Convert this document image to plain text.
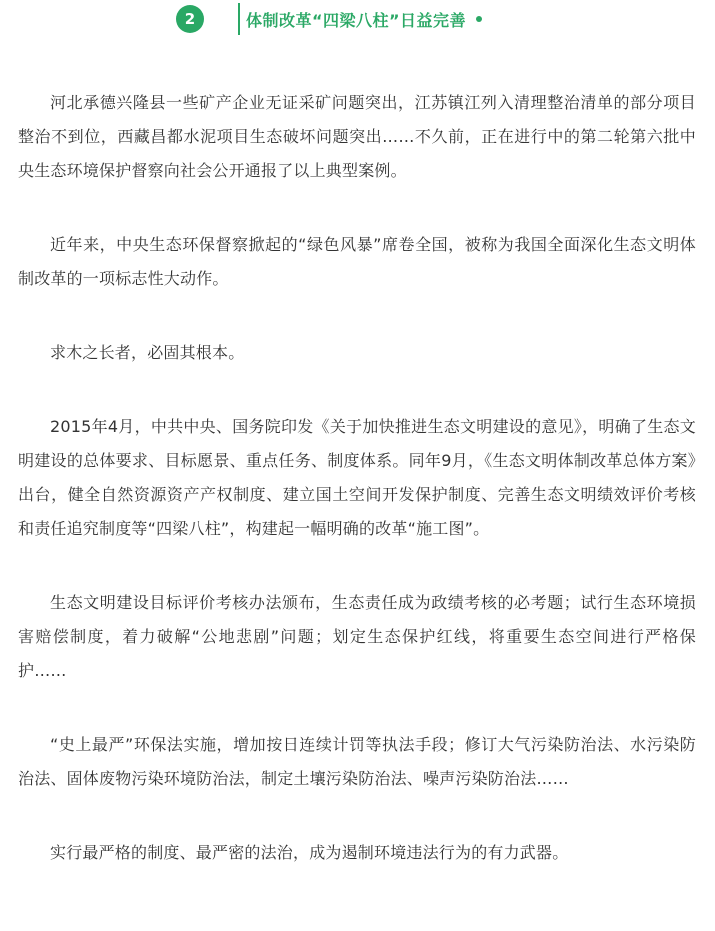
2	体制改革“四梁八柱”日益完善

河北承德兴隆县一些矿产企业无证采矿问题突出，江苏镇江列入清理整治清单的部分项目整治不到位，西藏昌都水泥项目生态破坏问题突出……不久前，正在进行中的第二轮第六批中央生态环境保护督察向社会公开通报了以上典型案例。

近年来，中央生态环保督察掀起的“绿色风暴”席卷全国，被称为我国全面深化生态文明体制改革的一项标志性大动作。

求木之长者，必固其根本。

2015年4月，中共中央、国务院印发《关于加快推进生态文明建设的意见》，明确了生态文明建设的总体要求、目标愿景、重点任务、制度体系。同年9月，《生态文明体制改革总体方案》出台，健全自然资源资产产权制度、建立国土空间开发保护制度、完善生态文明绩效评价考核和责任追究制度等“四梁八柱”，构建起一幅明确的改革“施工图”。

生态文明建设目标评价考核办法颁布，生态责任成为政绩考核的必考题；试行生态环境损害赔偿制度，着力破解“公地悲剧”问题；划定生态保护红线，将重要生态空间进行严格保护……

“史上最严”环保法实施，增加按日连续计罚等执法手段；修订大气污染防治法、水污染防治法、固体废物污染环境防治法，制定土壤污染防治法、噪声污染防治法……

实行最严格的制度、最严密的法治，成为遏制环境违法行为的有力武器。
